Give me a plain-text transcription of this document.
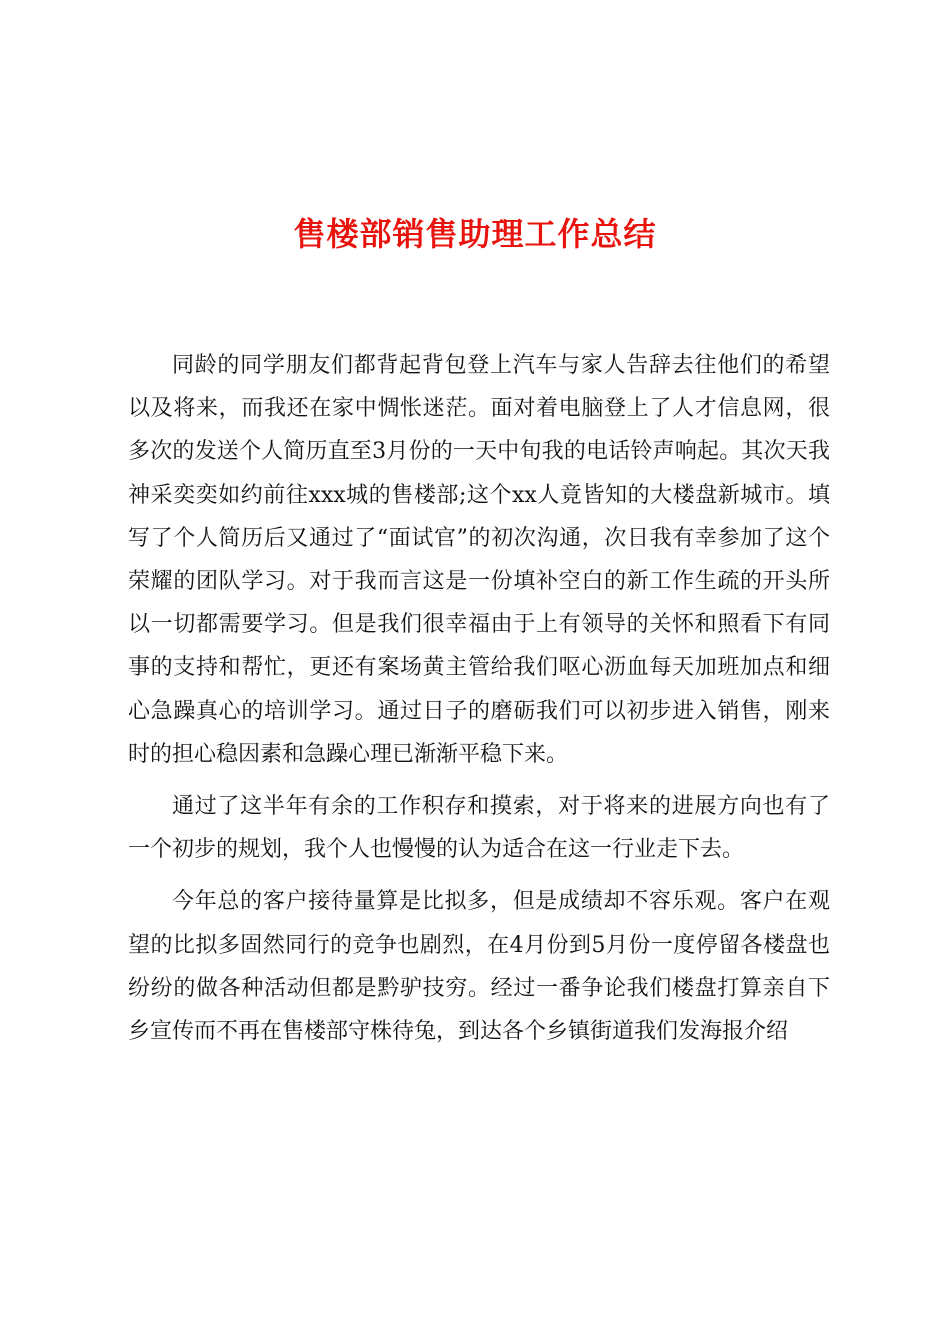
售楼部销售助理工作总结

同龄的同学朋友们都背起背包登上汽车与家人告辞去往他们的希望以及将来，而我还在家中惆怅迷茫。面对着电脑登上了人才信息网，很多次的发送个人简历直至3月份的一天中旬我的电话铃声响起。其次天我神采奕奕如约前往xxx城的售楼部;这个xx人竟皆知的大楼盘新城市。填写了个人简历后又通过了“面试官”的初次沟通，次日我有幸参加了这个荣耀的团队学习。对于我而言这是一份填补空白的新工作生疏的开头所以一切都需要学习。但是我们很幸福由于上有领导的关怀和照看下有同事的支持和帮忙，更还有案场黄主管给我们呕心沥血每天加班加点和细心急躁真心的培训学习。通过日子的磨砺我们可以初步进入销售，刚来时的担心稳因素和急躁心理已渐渐平稳下来。

通过了这半年有余的工作积存和摸索，对于将来的进展方向也有了一个初步的规划，我个人也慢慢的认为适合在这一行业走下去。

今年总的客户接待量算是比拟多，但是成绩却不容乐观。客户在观望的比拟多固然同行的竞争也剧烈，在4月份到5月份一度停留各楼盘也纷纷的做各种活动但都是黔驴技穷。经过一番争论我们楼盘打算亲自下乡宣传而不再在售楼部守株待兔，到达各个乡镇街道我们发海报介绍
